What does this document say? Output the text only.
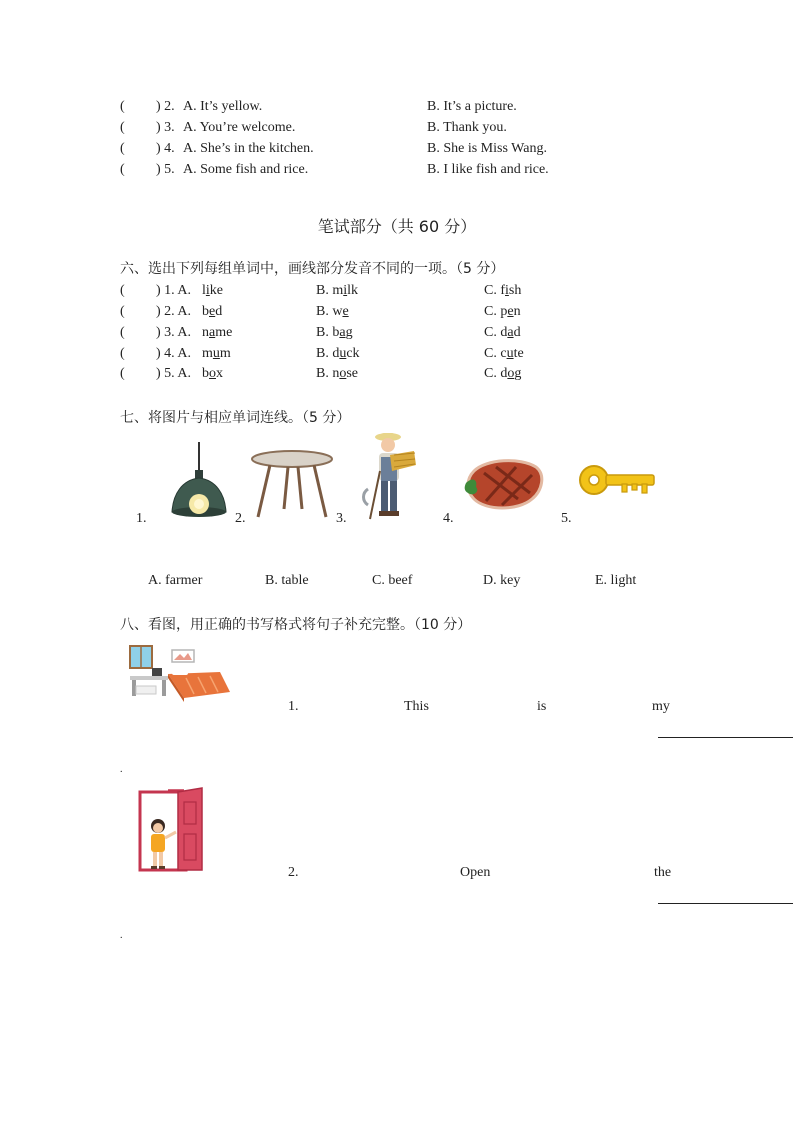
( ) 2. A. It’s yellow.	B. It’s a picture.
( ) 3. A. You’re welcome.	B. Thank you.
( ) 4. A. She’s in the kitchen.	B. She is Miss Wang.
( ) 5. A. Some fish and rice.	B. I like fish and rice.
笔试部分（共 60 分）
六、选出下列每组单词中，画线部分发音不同的一项。（5 分）
( ) 1. A. like	B. milk	C. fish
( ) 2. A. bed	B. we	C. pen
( ) 3. A. name	B. bag	C. dad
( ) 4. A. mum	B. duck	C. cute
( ) 5. A. box	B. nose	C. dog
七、将图片与相应单词连线。（5 分）
1.	2.	3.	4.	5.
A. farmer	B. table	C. beef	D. key	E. light
八、看图，用正确的书写格式将句子补充完整。（10 分）
1.	This	is	my
.
2.	Open	the
.
